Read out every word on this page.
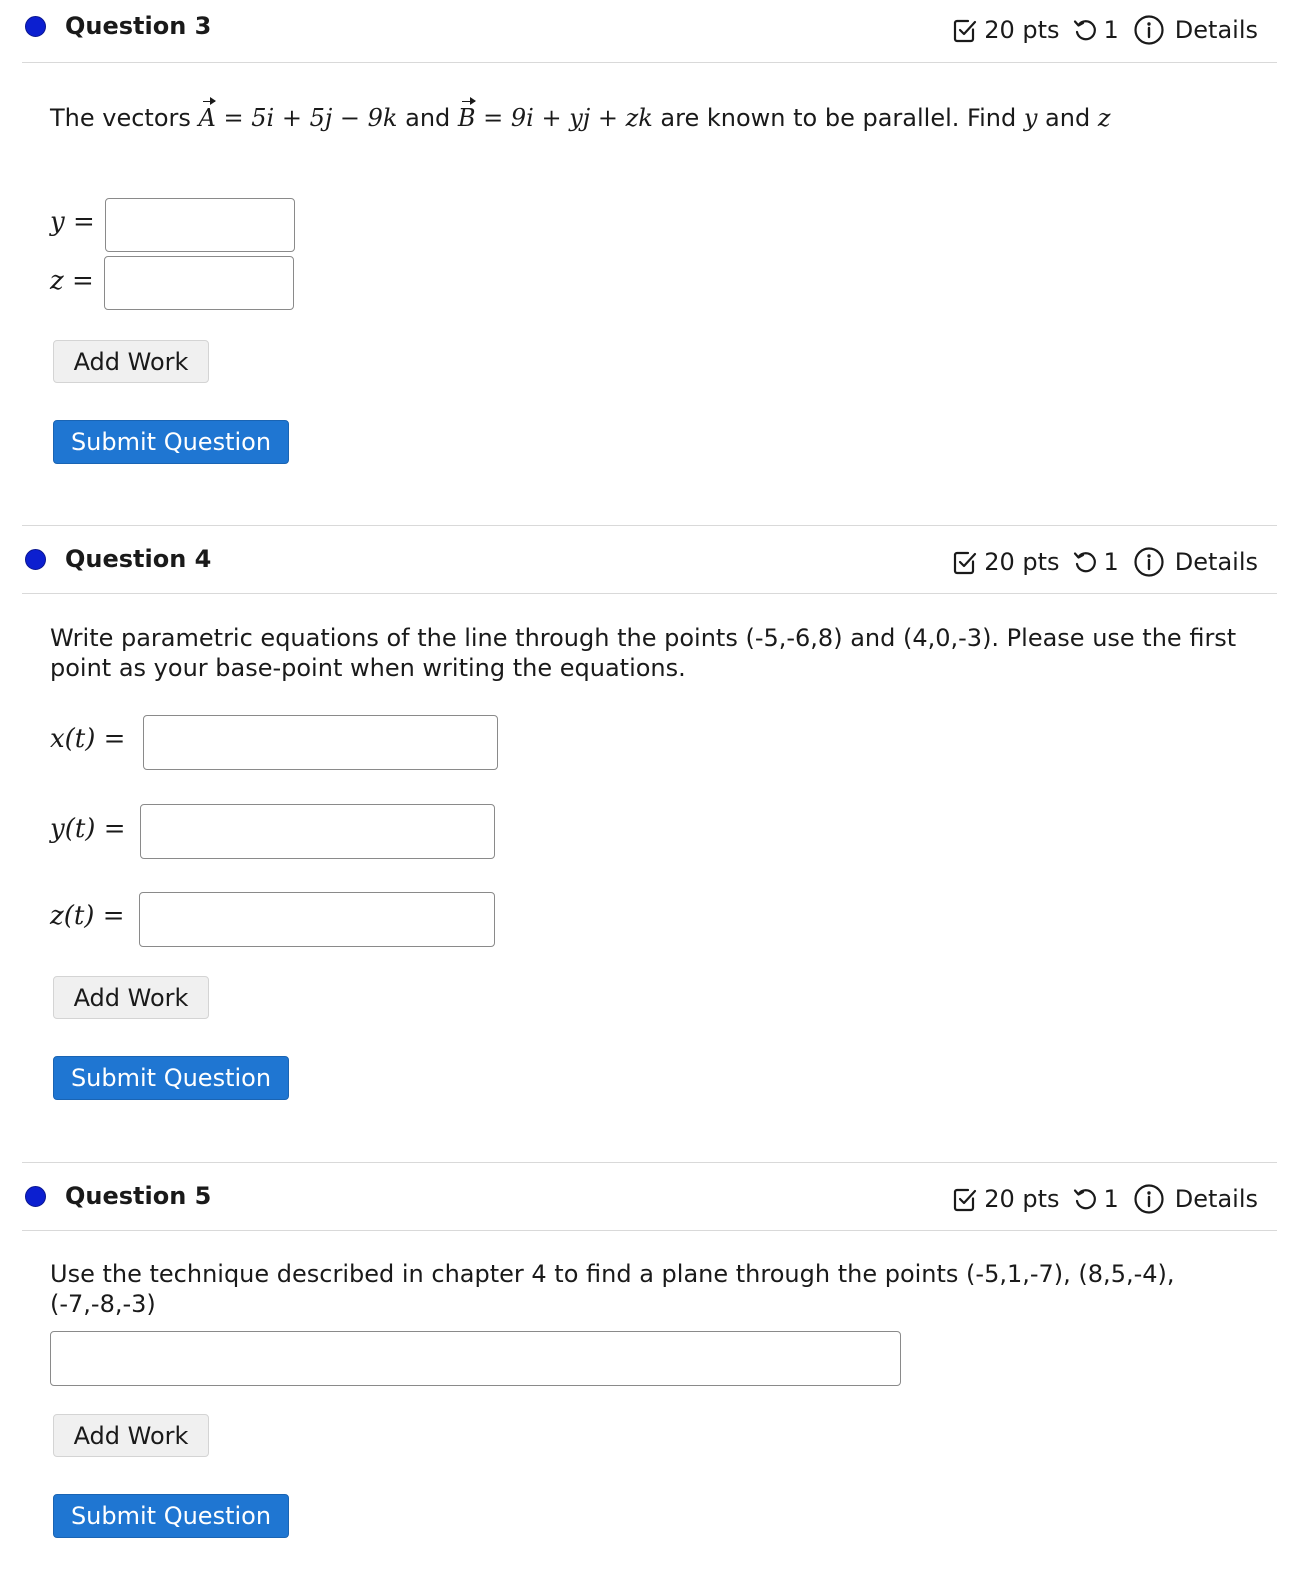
Question 3	20 pts 1 Details
The vectors A = 5i + 5j − 9k and B = 9i + yj + zk are known to be parallel. Find y and z
y =
z =
Add Work
Submit Question
Question 4	20 pts 1 Details
Write parametric equations of the line through the points (-5,-6,8) and (4,0,-3). Please use the first
point as your base-point when writing the equations.
x(t) =
y(t) =
z(t) =
Add Work
Submit Question
Question 5	20 pts 1 Details
Use the technique described in chapter 4 to find a plane through the points (-5,1,-7), (8,5,-4),
(-7,-8,-3)
Add Work
Submit Question
